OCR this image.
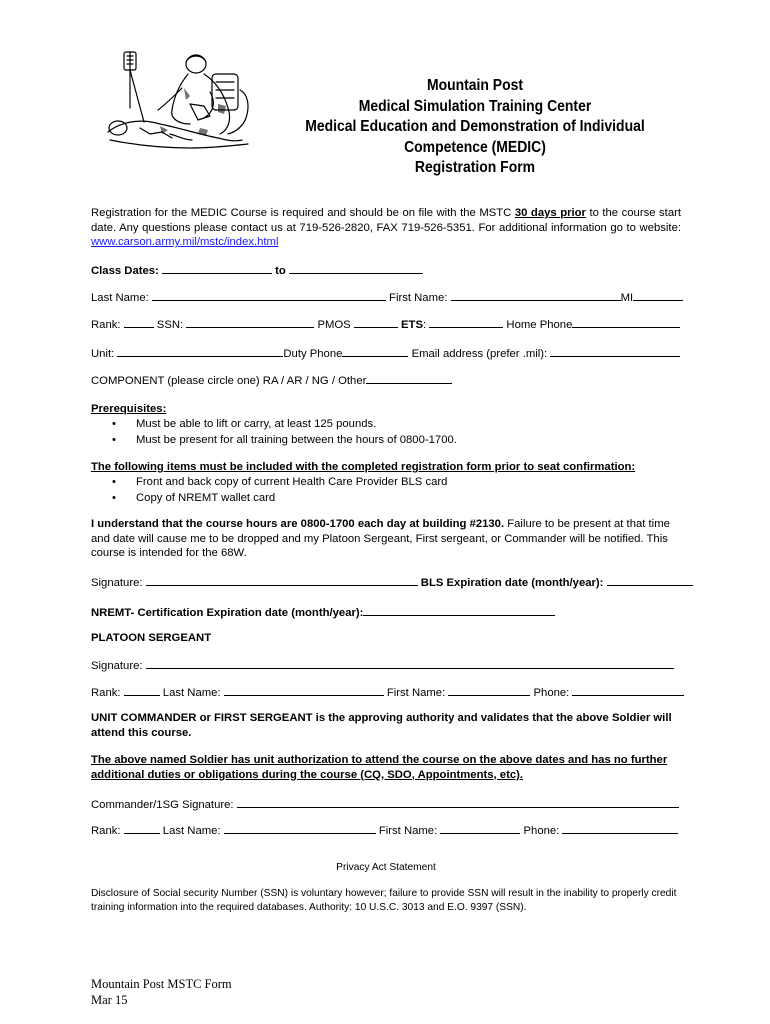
Mountain Post
Medical Simulation Training Center
Medical Education and Demonstration of Individual
Competence (MEDIC)
Registration Form
Registration for the MEDIC Course is required and should be on file with the MSTC 30 days prior to the course start date. Any questions please contact us at 719-526-2820, FAX 719-526-5351. For additional information go to website: www.carson.army.mil/mstc/index.html
Class Dates:	to
Last Name:	First Name:	MI
Rank:	SSN:	PMOS	ETS:	Home Phone
Unit:	Duty Phone	Email address (prefer .mil):
COMPONENT (please circle one) RA / AR / NG / Other
Prerequisites:
• Must be able to lift or carry, at least 125 pounds.
• Must be present for all training between the hours of 0800-1700.
The following items must be included with the completed registration form prior to seat confirmation:
• Front and back copy of current Health Care Provider BLS card
• Copy of NREMT wallet card
I understand that the course hours are 0800-1700 each day at building #2130. Failure to be present at that time and date will cause me to be dropped and my Platoon Sergeant, First sergeant, or Commander will be notified. This course is intended for the 68W.
Signature:	BLS Expiration date (month/year):
NREMT- Certification Expiration date (month/year):
PLATOON SERGEANT
Signature:
Rank:	Last Name:	First Name:	Phone:
UNIT COMMANDER or FIRST SERGEANT is the approving authority and validates that the above Soldier will attend this course.
The above named Soldier has unit authorization to attend the course on the above dates and has no further additional duties or obligations during the course (CQ, SDO, Appointments, etc).
Commander/1SG Signature:
Rank:	Last Name:	First Name:	Phone:
Privacy Act Statement
Disclosure of Social security Number (SSN) is voluntary however; failure to provide SSN will result in the inability to properly credit training information into the required databases. Authority: 10 U.S.C. 3013 and E.O. 9397 (SSN).
Mountain Post MSTC Form
Mar 15
